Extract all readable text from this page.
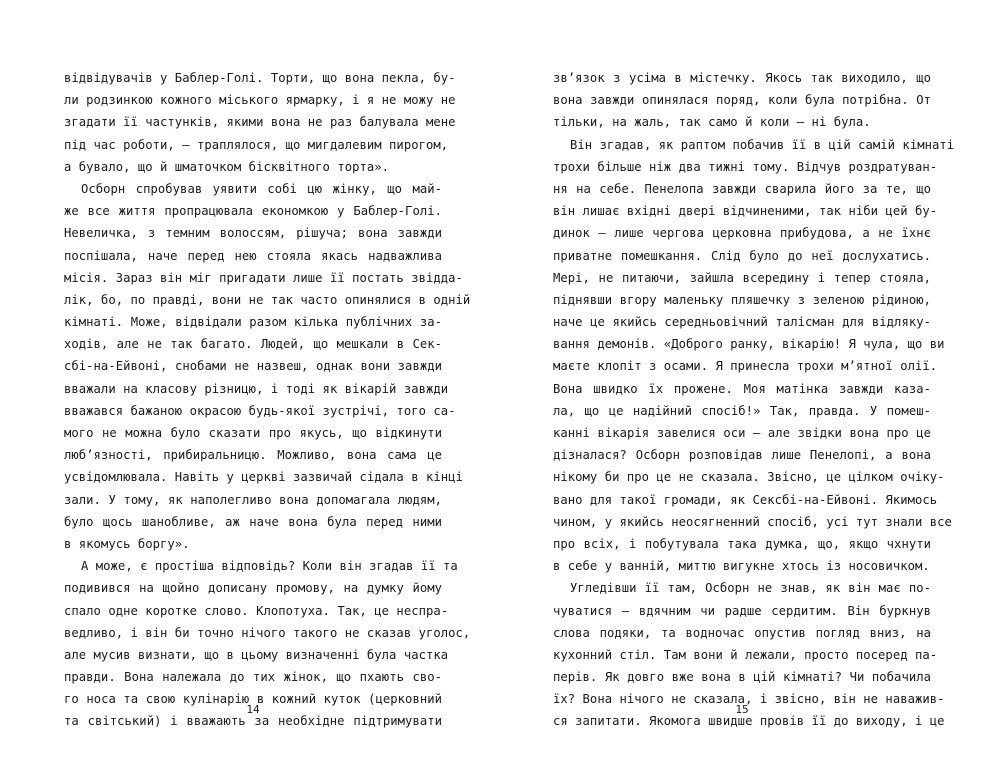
відвідувачів у Баблер-Голі. Торти, що вона пекла, бу-
ли родзинкою кожного міського ярмарку, і я не можу не
згадати її частунків, якими вона не раз балувала мене
під час роботи, — траплялося, що мигдалевим пирогом,
а бувало, що й шматочком бісквітного торта».
Осборн спробував уявити собі цю жінку, що май-
же все життя пропрацювала економкою у Баблер-Голі.
Невеличка, з темним волоссям, рішуча; вона завжди
поспішала, наче перед нею стояла якась надважлива
місія. Зараз він міг пригадати лише її постать звідда-
лік, бо, по правді, вони не так часто опинялися в одній
кімнаті. Може, відвідали разом кілька публічних за-
ходів, але не так багато. Людей, що мешкали в Сек-
сбі-на-Ейвоні, снобами не назвеш, однак вони завжди
вважали на класову різницю, і тоді як вікарій завжди
вважався бажаною окрасою будь-якої зустрічі, того са-
мого не можна було сказати про якусь, що відкинути
люб’язності, прибиральницю. Можливо, вона сама це
усвідомлювала. Навіть у церкві зазвичай сідала в кінці
зали. У тому, як наполегливо вона допомагала людям,
було щось шанобливе, аж наче вона була перед ними
в якомусь боргу».
А може, є простіша відповідь? Коли він згадав її та
подивився на щойно дописану промову, на думку йому
спало одне коротке слово. Клопотуха. Так, це неспра-
ведливо, і він би точно нічого такого не сказав уголос,
але мусив визнати, що в цьому визначенні була частка
правди. Вона належала до тих жінок, що пхають сво-
го носа та свою кулінарію в кожний куток (церковний
та світський) і вважають за необхідне підтримувати
14
зв’язок з усіма в містечку. Якось так виходило, що
вона завжди опинялася поряд, коли була потрібна. От
тільки, на жаль, так само й коли — ні була.
Він згадав, як раптом побачив її в цій самій кімнаті
трохи більше ніж два тижні тому. Відчув роздратуван-
ня на себе. Пенелопа завжди сварила його за те, що
він лишає вхідні двері відчиненими, так ніби цей бу-
динок — лише чергова церковна прибудова, а не їхнє
приватне помешкання. Слід було до неї дослухатись.
Мері, не питаючи, зайшла всередину і тепер стояла,
піднявши вгору маленьку пляшечку з зеленою рідиною,
наче це якийсь середньовічний талісман для відляку-
вання демонів. «Доброго ранку, вікарію! Я чула, що ви
маєте клопіт з осами. Я принесла трохи м’ятної олії.
Вона швидко їх прожене. Моя матінка завжди каза-
ла, що це надійний спосіб!» Так, правда. У помеш-
канні вікарія завелися оси — але звідки вона про це
дізналася? Осборн розповідав лише Пенелопі, а вона
нікому би про це не сказала. Звісно, це цілком очіку-
вано для такої громади, як Сексбі-на-Ейвоні. Якимось
чином, у якийсь неосягненний спосіб, усі тут знали все
про всіх, і побутувала така думка, що, якщо чхнути
в себе у ванній, миттю вигукне хтось із носовичком.
Угледівши її там, Осборн не знав, як він має по-
чуватися — вдячним чи радше сердитим. Він буркнув
слова подяки, та водночас опустив погляд вниз, на
кухонний стіл. Там вони й лежали, просто посеред па-
перів. Як довго вже вона в цій кімнаті? Чи побачила
їх? Вона нічого не сказала, і звісно, він не наважив-
ся запитати. Якомога швидше провів її до виходу, і це
15
